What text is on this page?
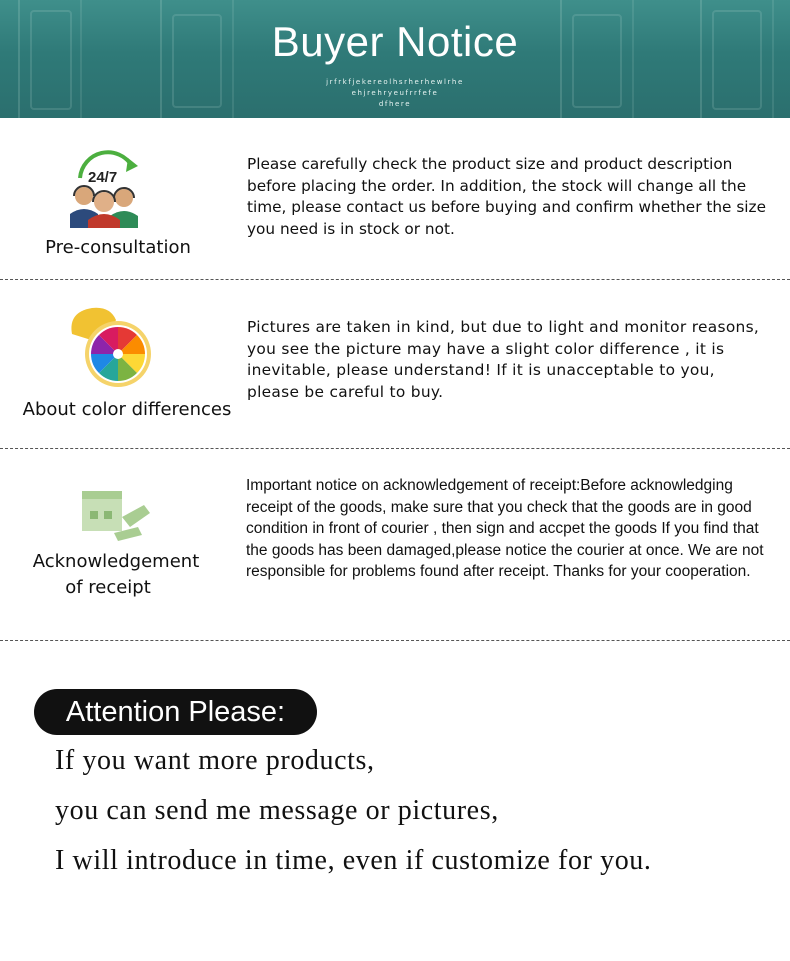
Buyer Notice
jrfrkfjekereolhsrherhewlrhe
ehjrehryeufrrfefe
dfhere
24/7
Pre-consultation
Please carefully check the product size and product description before placing the order. In addition, the stock will change all the time, please contact us before buying and confirm whether the size you need is in stock or not.
About color differences
Pictures are taken in kind, but due to light and monitor reasons, you see the picture may have a slight color difference , it is inevitable, please understand! If it is unacceptable to you, please be careful to buy.
Acknowledgement
of receipt
Important notice on acknowledgement of receipt:Before acknowledging receipt of the goods, make sure that you check that the goods are in good condition in front of courier , then sign and accpet the goods If you find that the goods has been damaged,please notice the courier at once. We are not responsible for problems found after receipt. Thanks for your cooperation.
Attention Please:
If you want more products,
you can send me message or pictures,
I will introduce in time, even if customize for you.
